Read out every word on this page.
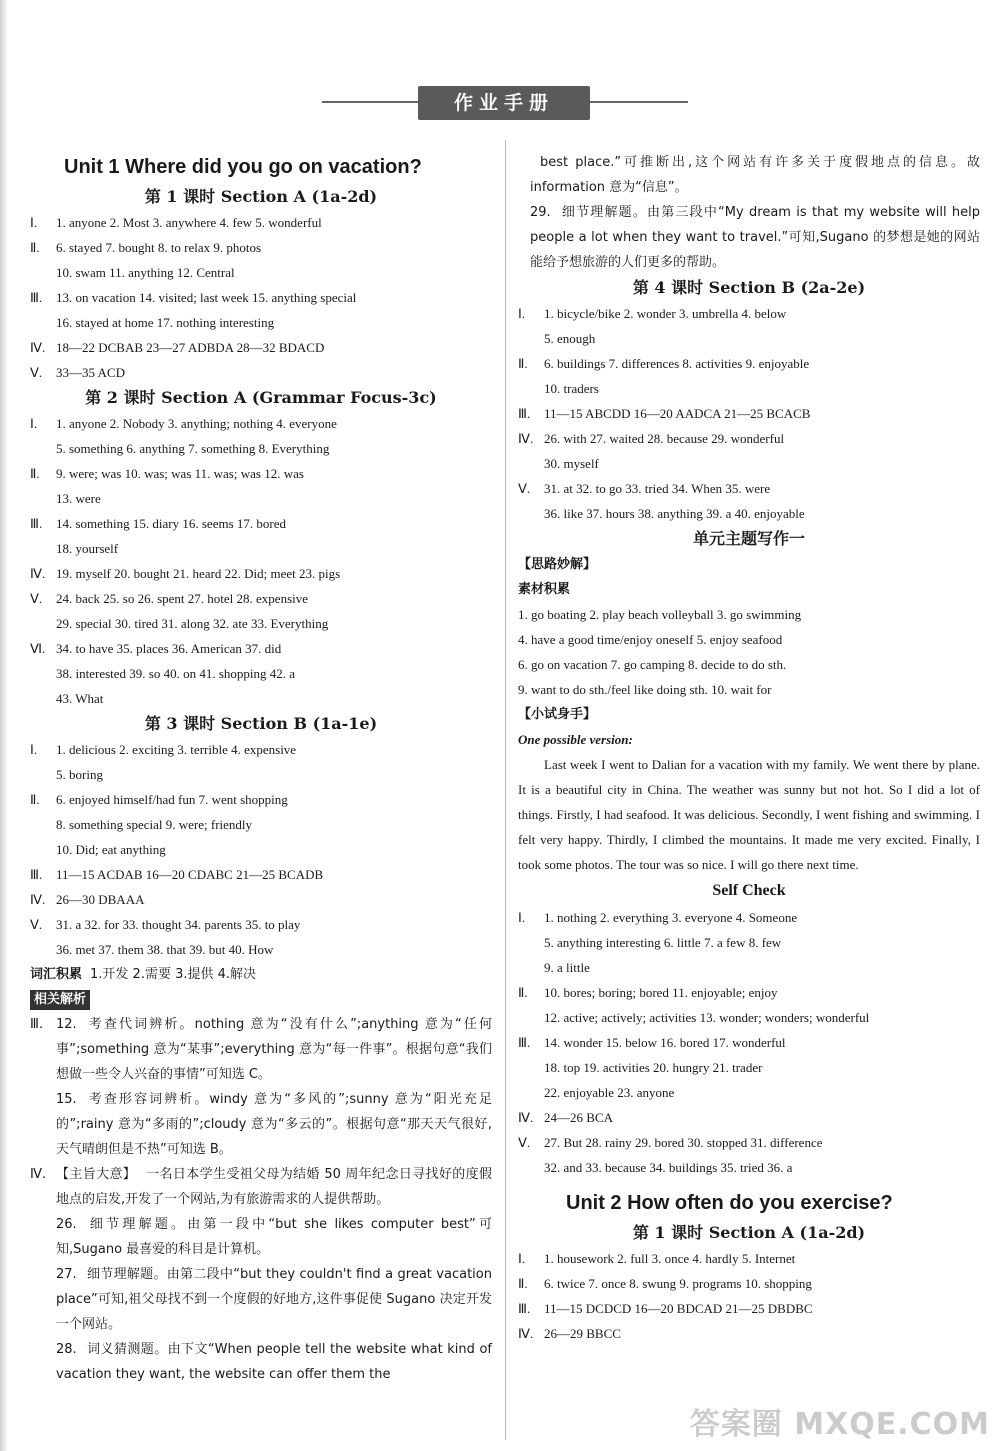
作业手册
Unit 1 Where did you go on vacation?
第 1 课时 Section A (1a-2d)
Ⅰ.	1. anyone 2. Most 3. anywhere 4. few 5. wonderful
Ⅱ.	6. stayed 7. bought 8. to relax 9. photos
10. swam 11. anything 12. Central
Ⅲ.	13. on vacation 14. visited; last week 15. anything special
16. stayed at home 17. nothing interesting
Ⅳ. 18—22 DCBAB 23—27 ADBDA 28—32 BDACD
Ⅴ.	33—35 ACD
第 2 课时 Section A (Grammar Focus-3c)
Ⅰ.	1. anyone 2. Nobody 3. anything; nothing 4. everyone
5. something 6. anything 7. something 8. Everything
Ⅱ.	9. were; was 10. was; was 11. was; was 12. was
13. were
Ⅲ.	14. something 15. diary 16. seems 17. bored
18. yourself
Ⅳ. 19. myself 20. bought 21. heard 22. Did; meet 23. pigs
Ⅴ.	24. back 25. so 26. spent 27. hotel 28. expensive
29. special 30. tired 31. along 32. ate 33. Everything
Ⅵ. 34. to have 35. places 36. American 37. did
38. interested 39. so 40. on 41. shopping 42. a
43. What
第 3 课时 Section B (1a-1e)
Ⅰ.	1. delicious 2. exciting 3. terrible 4. expensive
5. boring
Ⅱ.	6. enjoyed himself/had fun 7. went shopping
8. something special 9. were; friendly
10. Did; eat anything
Ⅲ.	11—15 ACDAB 16—20 CDABC 21—25 BCADB
Ⅳ. 26—30 DBAAA
Ⅴ.	31. a 32. for 33. thought 34. parents 35. to play
36. met 37. them 38. that 39. but 40. How
词汇积累 1.开发 2.需要 3.提供 4.解决
相关解析
Ⅲ. 12. 考查代词辨析。nothing 意为“没有什么”;anything 意为“任何事”;something 意为“某事”;everything 意为“每一件事”。根据句意“我们想做一些令人兴奋的事情”可知选 C。
15. 考查形容词辨析。windy 意为“多风的”;sunny 意为“阳光充足的”;rainy 意为“多雨的”;cloudy 意为“多云的”。根据句意“那天天气很好,天气晴朗但是不热”可知选 B。
Ⅳ. 【主旨大意】 一名日本学生受祖父母为结婚 50 周年纪念日寻找好的度假地点的启发,开发了一个网站,为有旅游需求的人提供帮助。
26. 细节理解题。由第一段中“but she likes computer best”可知,Sugano 最喜爱的科目是计算机。
27. 细节理解题。由第二段中“but they couldn't find a great vacation place”可知,祖父母找不到一个度假的好地方,这件事促使 Sugano 决定开发一个网站。
28. 词义猜测题。由下文“When people tell the website what kind of vacation they want, the website can offer them the
best place.”可推断出,这个网站有许多关于度假地点的信息。故 information 意为“信息”。
29. 细节理解题。由第三段中“My dream is that my website will help people a lot when they want to travel.”可知,Sugano 的梦想是她的网站能给予想旅游的人们更多的帮助。
第 4 课时 Section B (2a-2e)
Ⅰ.	1. bicycle/bike 2. wonder 3. umbrella 4. below
5. enough
Ⅱ.	6. buildings 7. differences 8. activities 9. enjoyable
10. traders
Ⅲ.	11—15 ABCDD 16—20 AADCA 21—25 BCACB
Ⅳ. 26. with 27. waited 28. because 29. wonderful
30. myself
Ⅴ.	31. at 32. to go 33. tried 34. When 35. were
36. like 37. hours 38. anything 39. a 40. enjoyable
单元主题写作一
【思路妙解】
素材积累
1. go boating 2. play beach volleyball 3. go swimming
4. have a good time/enjoy oneself 5. enjoy seafood
6. go on vacation 7. go camping 8. decide to do sth.
9. want to do sth./feel like doing sth. 10. wait for
【小试身手】
One possible version:
Last week I went to Dalian for a vacation with my family. We went there by plane. It is a beautiful city in China. The weather was sunny but not hot. So I did a lot of things. Firstly, I had seafood. It was delicious. Secondly, I went fishing and swimming. I felt very happy. Thirdly, I climbed the mountains. It made me very excited. Finally, I took some photos. The tour was so nice. I will go there next time.
Self Check
Ⅰ.	1. nothing 2. everything 3. everyone 4. Someone
5. anything interesting 6. little 7. a few 8. few
9. a little
Ⅱ.	10. bores; boring; bored 11. enjoyable; enjoy
12. active; actively; activities 13. wonder; wonders; wonderful
Ⅲ.	14. wonder 15. below 16. bored 17. wonderful
18. top 19. activities 20. hungry 21. trader
22. enjoyable 23. anyone
Ⅳ. 24—26 BCA
Ⅴ.	27. But 28. rainy 29. bored 30. stopped 31. difference
32. and 33. because 34. buildings 35. tried 36. a
Unit 2 How often do you exercise?
第 1 课时 Section A (1a-2d)
Ⅰ.	1. housework 2. full 3. once 4. hardly 5. Internet
Ⅱ.	6. twice 7. once 8. swung 9. programs 10. shopping
Ⅲ.	11—15 DCDCD 16—20 BDCAD 21—25 DBDBC
Ⅳ. 26—29 BBCC
答案圈 MXQE.COM
